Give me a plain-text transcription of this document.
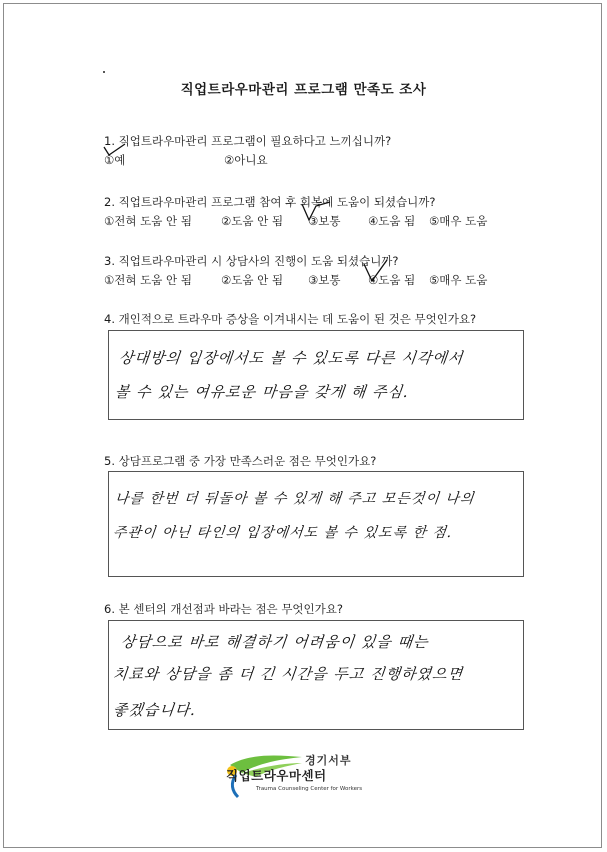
직업트라우마관리 프로그램 만족도 조사
1. 직업트라우마관리 프로그램이 필요하다고 느끼십니까?
①예	②아니요
2. 직업트라우마관리 프로그램 참여 후 회복에 도움이 되셨습니까?
①전혀 도움 안 됨	②도움 안 됨 ③보통 ④도움 됨 ⑤매우 도움
3. 직업트라우마관리 시 상담사의 진행이 도움 되셨습니까?
①전혀 도움 안 됨	②도움 안 됨 ③보통 ④도움 됨 ⑤매우 도움
4. 개인적으로 트라우마 증상을 이겨내시는 데 도움이 된 것은 무엇인가요?
상대방의 입장에서도 볼 수 있도록 다른 시각에서
볼 수 있는 여유로운 마음을 갖게 해 주심.
5. 상담프로그램 중 가장 만족스러운 점은 무엇인가요?
나를 한번 더 뒤돌아 볼 수 있게 해 주고 모든것이 나의
주관이 아닌 타인의 입장에서도 볼 수 있도록 한 점.
6. 본 센터의 개선점과 바라는 점은 무엇인가요?
상담으로 바로 해결하기 어려움이 있을 때는
치료와 상담을 좀 더 긴 시간을 두고 진행하였으면
좋겠습니다.
경기서부
직업트라우마센터
Trauma Counseling Center for Workers
